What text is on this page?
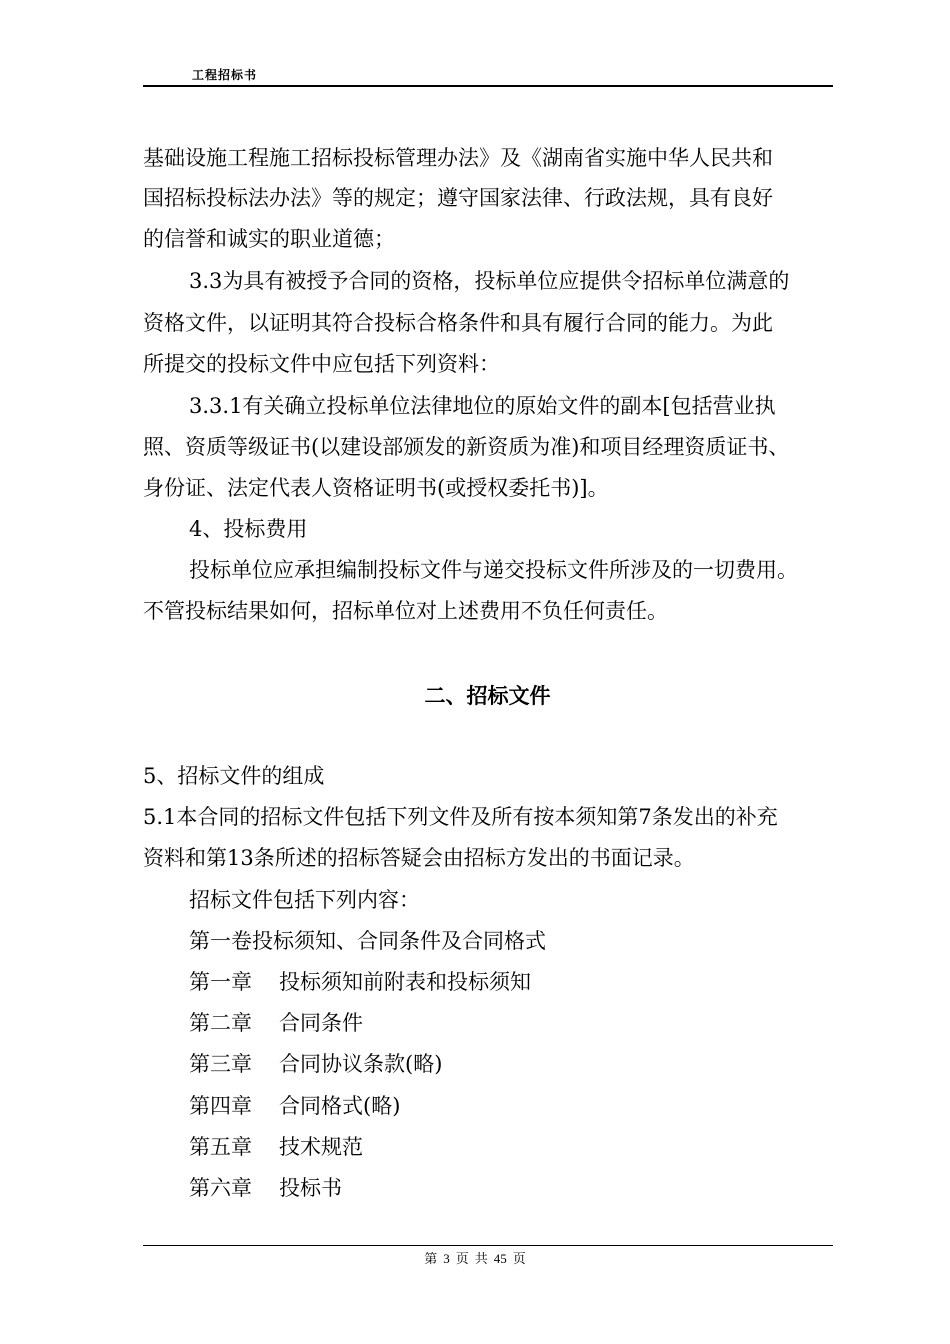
工程招标书
基础设施工程施工招标投标管理办法》及《湖南省实施中华人民共和
国招标投标法办法》等的规定；遵守国家法律、行政法规，具有良好
的信誉和诚实的职业道德；
3.3为具有被授予合同的资格，投标单位应提供令招标单位满意的
资格文件，以证明其符合投标合格条件和具有履行合同的能力。为此
所提交的投标文件中应包括下列资料：
3.3.1有关确立投标单位法律地位的原始文件的副本[包括营业执
照、资质等级证书(以建设部颁发的新资质为准)和项目经理资质证书、
身份证、法定代表人资格证明书(或授权委托书)]。
4、投标费用
投标单位应承担编制投标文件与递交投标文件所涉及的一切费用。
不管投标结果如何，招标单位对上述费用不负任何责任。
二、招标文件
5、招标文件的组成
5.1本合同的招标文件包括下列文件及所有按本须知第7条发出的补充
资料和第13条所述的招标答疑会由招标方发出的书面记录。
招标文件包括下列内容：
第一卷投标须知、合同条件及合同格式
第一章 投标须知前附表和投标须知
第二章 合同条件
第三章 合同协议条款(略)
第四章 合同格式(略)
第五章 技术规范
第六章 投标书
第 3 页 共 45 页
